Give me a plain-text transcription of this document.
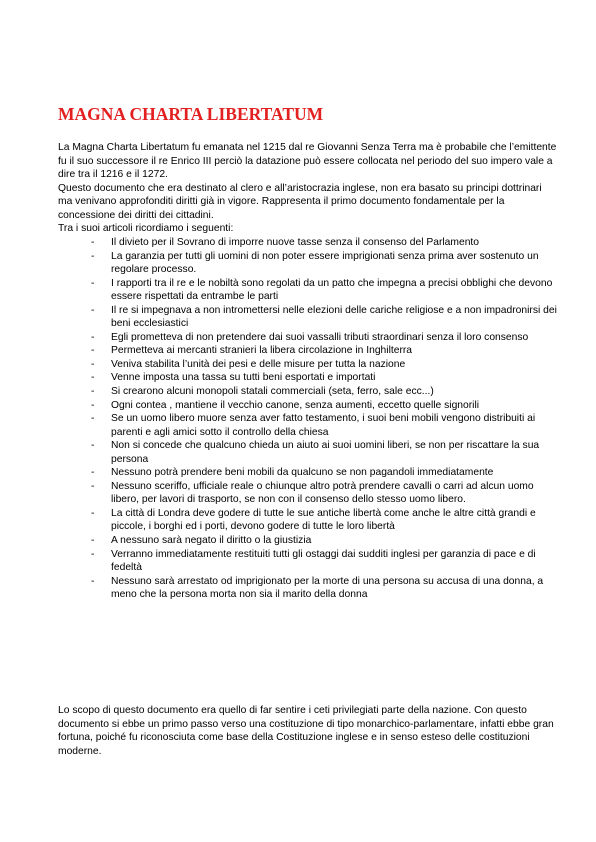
MAGNA CHARTA LIBERTATUM

La Magna Charta Libertatum fu emanata nel 1215 dal re Giovanni Senza Terra ma è probabile che l’emittente fu il suo successore il re Enrico III perciò la datazione può essere collocata nel periodo del suo impero vale a dire tra il 1216 e il 1272.

Questo documento che era destinato al clero e all’aristocrazia inglese, non era basato su principi dottrinari ma venivano approfonditi diritti già in vigore. Rappresenta il primo documento fondamentale per la concessione dei diritti dei cittadini.

Tra i suoi articoli ricordiamo i seguenti:

- Il divieto per il Sovrano di imporre nuove tasse senza il consenso del Parlamento
- La garanzia per tutti gli uomini di non poter essere imprigionati senza prima aver sostenuto un regolare processo.
- I rapporti tra il re e le nobiltà sono regolati da un patto che impegna a precisi obblighi che devono essere rispettati da entrambe le parti
- Il re si impegnava a non intromettersi nelle elezioni delle cariche religiose e a non impadronirsi dei beni ecclesiastici
- Egli prometteva di non pretendere dai suoi vassalli tributi straordinari senza il loro consenso
- Permetteva ai mercanti stranieri la libera circolazione in Inghilterra
- Veniva stabilita l’unità dei pesi e delle misure per tutta la nazione
- Venne imposta una tassa su tutti beni esportati e importati
- Si crearono alcuni monopoli statali commerciali (seta, ferro, sale ecc...)
- Ogni contea , mantiene il vecchio canone, senza aumenti, eccetto quelle signorili
- Se un uomo libero muore senza aver fatto testamento, i suoi beni mobili vengono distribuiti ai parenti e agli amici sotto il controllo della chiesa
- Non si concede che qualcuno chieda un aiuto ai suoi uomini liberi, se non per riscattare la sua persona
- Nessuno potrà prendere beni mobili da qualcuno se non pagandoli immediatamente
- Nessuno sceriffo, ufficiale reale o chiunque altro potrà prendere cavalli o carri ad alcun uomo libero, per lavori di trasporto, se non con il consenso dello stesso uomo libero.
- La città di Londra deve godere di tutte le sue antiche libertà come anche le altre città grandi e piccole, i borghi ed i porti, devono godere di tutte le loro libertà
- A nessuno sarà negato il diritto o la giustizia
- Verranno immediatamente restituiti tutti gli ostaggi dai sudditi inglesi per garanzia di pace e di fedeltà
- Nessuno sarà arrestato od imprigionato per la morte di una persona su accusa di una donna, a meno che la persona morta non sia il marito della donna

Lo scopo di questo documento era quello di far sentire i ceti privilegiati parte della nazione. Con questo documento si ebbe un primo passo verso una costituzione di tipo monarchico-parlamentare, infatti ebbe gran fortuna, poiché fu riconosciuta come base della Costituzione inglese e in senso esteso delle costituzioni moderne.
